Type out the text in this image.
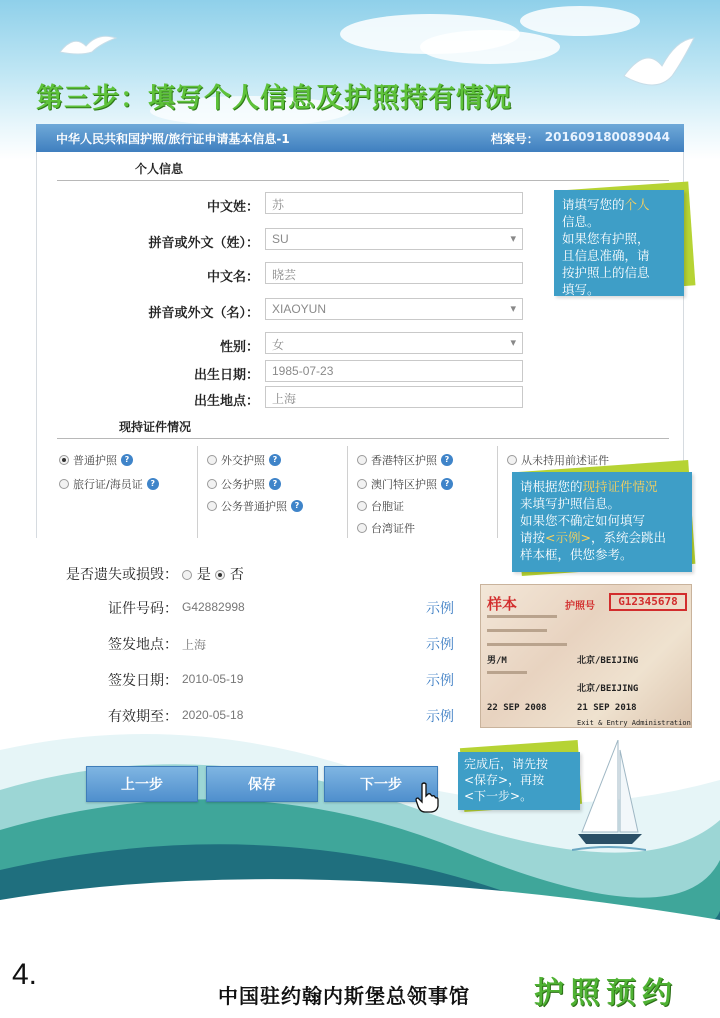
第三步：填写个人信息及护照持有情况
中华人民共和国护照/旅行证申请基本信息-1	档案号： 201609180089044
个人信息
中文姓：	苏
拼音或外文（姓）：	SU ▾
中文名：	晓芸
拼音或外文（名）：	XIAOYUN ▾
性别：	女 ▾
出生日期：	1985-07-23
出生地点：	上海
现持证件情况
普通护照 ?
旅行证/海员证 ?
外交护照 ?
公务护照 ?
公务普通护照 ?
香港特区护照 ?
澳门特区护照 ?
台胞证
台湾证件
从未持用前述证件
请填写您的个人
信息。
如果您有护照，
且信息准确，请
按护照上的信息
填写。
请根据您的现持证件情况
来填写护照信息。
如果您不确定如何填写
请按<示例>，系统会跳出
样本框，供您参考。
是否遗失或损毁： 是 否
证件号码： G42882998	示例
签发地点： 上海	示例
签发日期： 2010-05-19	示例
有效期至： 2020-05-18	示例
样本	护照号	G12345678
男/M	北京/BEIJING
北京/BEIJING
22 SEP 2008	21 SEP 2018
Exit & Entry Administration
上一步	保存	下一步
完成后，请先按
<保存>，再按
<下一步>。
4.
中国驻约翰内斯堡总领事馆 护照预约
